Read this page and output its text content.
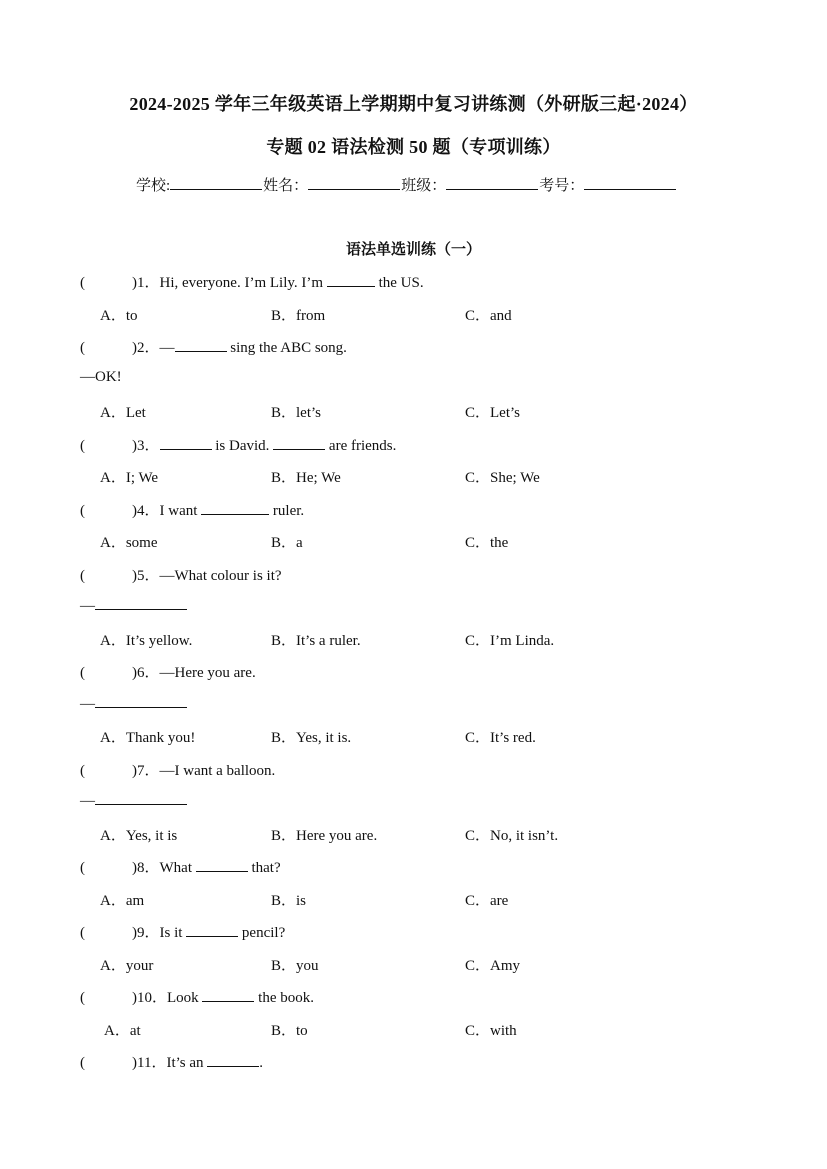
2024-2025 学年三年级英语上学期期中复习讲练测（外研版三起·2024）
专题 02 语法检测 50 题（专项训练）
学校:	姓名：	班级：	考号：
语法单选训练（一）
(	)1．Hi, everyone. I’m Lily. I’m	the US.
A．to	B．from	C．and
(	)2．—	sing the ABC song.
—OK!
A．Let	B．let’s	C．Let’s
(	)3．	is David.	are friends.
A．I; We	B．He; We	C．She; We
(	)4．I want	ruler.
A．some	B．a	C．the
(	)5．—What colour is it?
—
A．It’s yellow.	B．It’s a ruler.	C．I’m Linda.
(	)6．—Here you are.
—
A．Thank you!	B．Yes, it is.	C．It’s red.
(	)7．—I want a balloon.
—
A．Yes, it is	B．Here you are.	C．No, it isn’t.
(	)8．What	that?
A．am	B．is	C．are
(	)9．Is it	pencil?
A．your	B．you	C．Amy
(	)10．Look	the book.
A．at	B．to	C．with
(	)11．It’s an	.
